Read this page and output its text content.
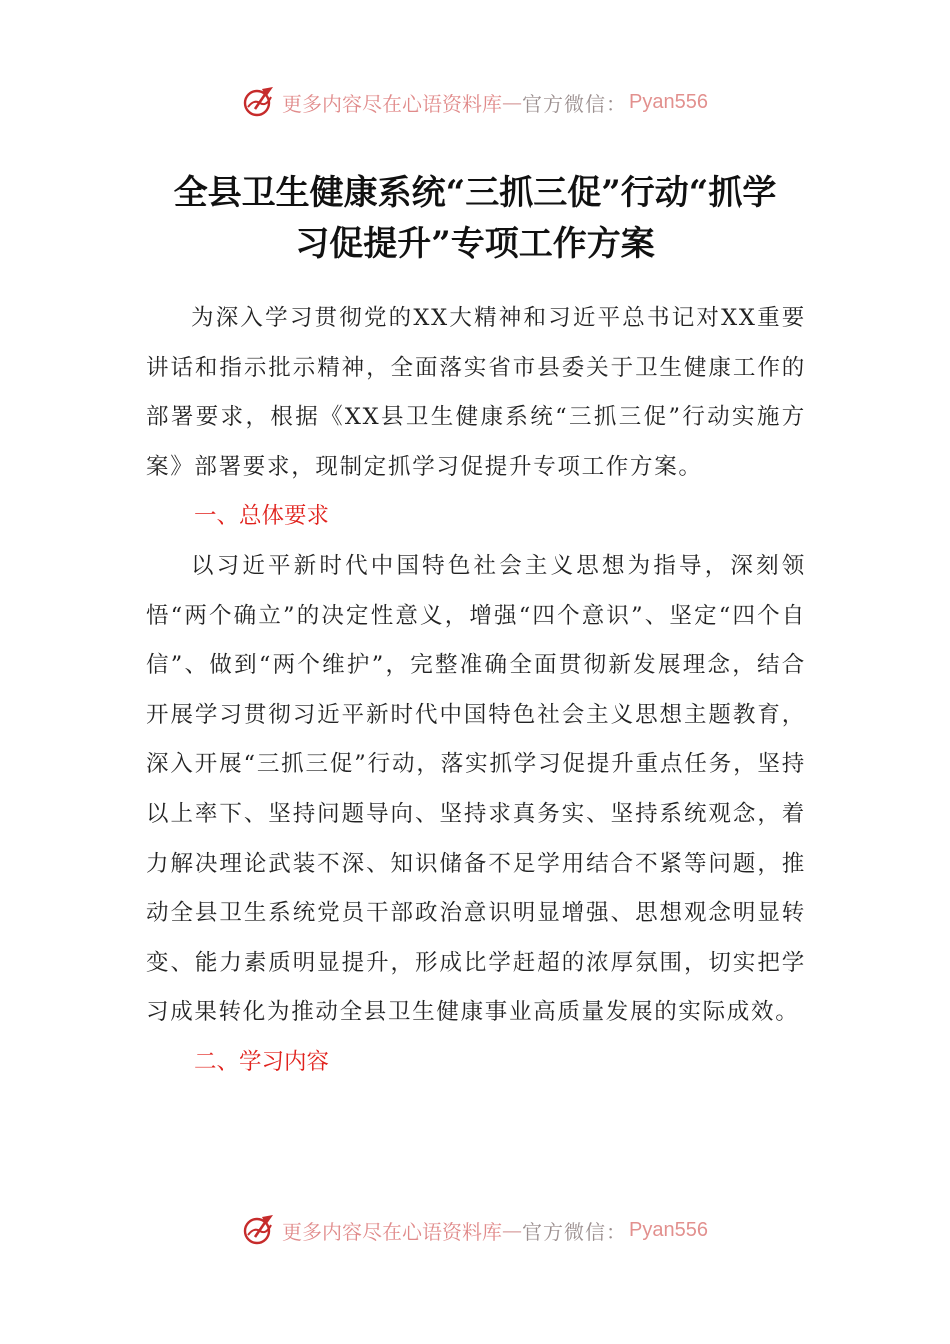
更多内容尽在心语资料库 — 官方微信： Pyan556
全县卫生健康系统“三抓三促”行动“抓学
习促提升”专项工作方案

为深入学习贯彻党的XX大精神和习近平总书记对XX重要讲话和指示批示精神，全面落实省市县委关于卫生健康工作的部署要求，根据《XX县卫生健康系统“三抓三促”行动实施方案》部署要求，现制定抓学习促提升专项工作方案。

一、总体要求

以习近平新时代中国特色社会主义思想为指导，深刻领悟“两个确立”的决定性意义，增强“四个意识”、坚定“四个自信”、做到“两个维护”，完整准确全面贯彻新发展理念，结合开展学习贯彻习近平新时代中国特色社会主义思想主题教育，深入开展“三抓三促”行动，落实抓学习促提升重点任务，坚持以上率下、坚持问题导向、坚持求真务实、坚持系统观念，着力解决理论武装不深、知识储备不足学用结合不紧等问题，推动全县卫生系统党员干部政治意识明显增强、思想观念明显转变、能力素质明显提升，形成比学赶超的浓厚氛围，切实把学习成果转化为推动全县卫生健康事业高质量发展的实际成效。

二、学习内容
更多内容尽在心语资料库 — 官方微信： Pyan556
